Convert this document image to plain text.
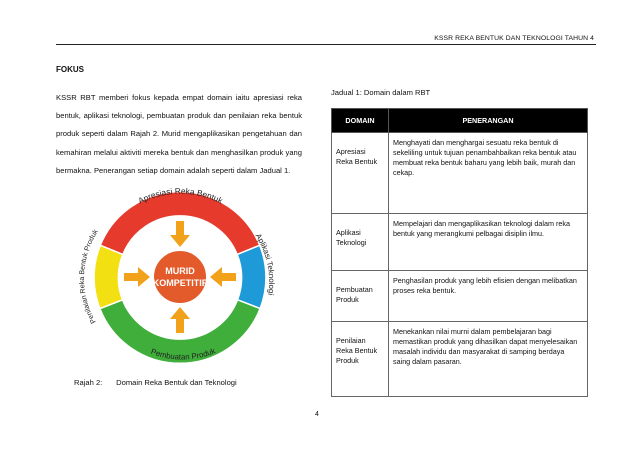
KSSR REKA BENTUK DAN TEKNOLOGI TAHUN 4
FOKUS
KSSR RBT memberi fokus kepada empat domain iaitu apresiasi reka bentuk, aplikasi teknologi, pembuatan produk dan penilaian reka bentuk produk seperti dalam Rajah 2. Murid mengaplikasikan pengetahuan dan kemahiran melalui aktiviti mereka bentuk dan menghasilkan produk yang bermakna. Penerangan setiap domain adalah seperti dalam Jadual 1.
Jadual 1: Domain dalam RBT
DOMAIN	PENERANGAN
Apresiasi Reka Bentuk	Menghayati dan menghargai sesuatu reka bentuk di sekeliling untuk tujuan penambahbaikan reka bentuk atau membuat reka bentuk baharu yang lebih baik, murah dan cekap.
Aplikasi Teknologi	Mempelajari dan mengaplikasikan teknologi dalam reka bentuk yang merangkumi pelbagai disiplin ilmu.
Pembuatan Produk	Penghasilan produk yang lebih efisien dengan melibatkan proses reka bentuk.
Penilaian Reka Bentuk Produk	Menekankan nilai murni dalam pembelajaran bagi memastikan produk yang dihasilkan dapat menyelesaikan masalah individu dan masyarakat di samping berdaya saing dalam pasaran.
MURID
KOMPETITIF
Apresiasi Reka Bentuk
Aplikasi Teknologi
Pembuatan Produk
Penilaian Reka Bentuk Produk
Rajah 2: Domain Reka Bentuk dan Teknologi
4
